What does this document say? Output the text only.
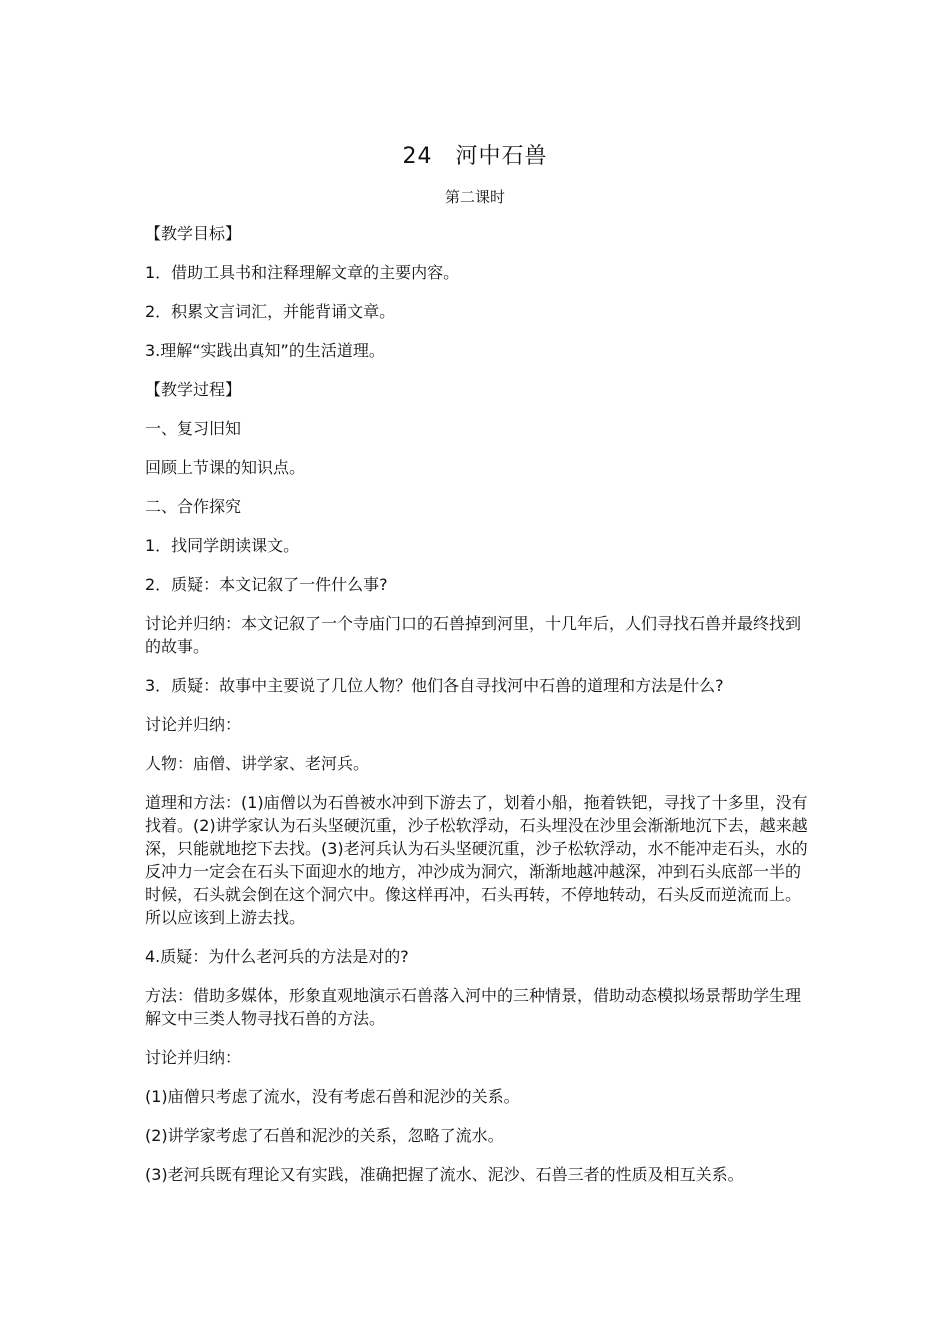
24　河中石兽
第二课时

【教学目标】

1．借助工具书和注释理解文章的主要内容。

2．积累文言词汇，并能背诵文章。

3.理解“实践出真知”的生活道理。

【教学过程】

一、复习旧知

回顾上节课的知识点。

二、合作探究

1．找同学朗读课文。

2．质疑：本文记叙了一件什么事?

讨论并归纳：本文记叙了一个寺庙门口的石兽掉到河里，十几年后，人们寻找石兽并最终找到的故事。

3．质疑：故事中主要说了几位人物？他们各自寻找河中石兽的道理和方法是什么?

讨论并归纳：

人物：庙僧、讲学家、老河兵。

道理和方法：(1)庙僧以为石兽被水冲到下游去了，划着小船，拖着铁钯，寻找了十多里，没有找着。(2)讲学家认为石头坚硬沉重，沙子松软浮动，石头埋没在沙里会渐渐地沉下去，越来越深，只能就地挖下去找。(3)老河兵认为石头坚硬沉重，沙子松软浮动，水不能冲走石头，水的反冲力一定会在石头下面迎水的地方，冲沙成为洞穴，渐渐地越冲越深，冲到石头底部一半的时候，石头就会倒在这个洞穴中。像这样再冲，石头再转，不停地转动，石头反而逆流而上。所以应该到上游去找。

4.质疑：为什么老河兵的方法是对的?

方法：借助多媒体，形象直观地演示石兽落入河中的三种情景，借助动态模拟场景帮助学生理解文中三类人物寻找石兽的方法。

讨论并归纳：

(1)庙僧只考虑了流水，没有考虑石兽和泥沙的关系。

(2)讲学家考虑了石兽和泥沙的关系，忽略了流水。

(3)老河兵既有理论又有实践，准确把握了流水、泥沙、石兽三者的性质及相互关系。
